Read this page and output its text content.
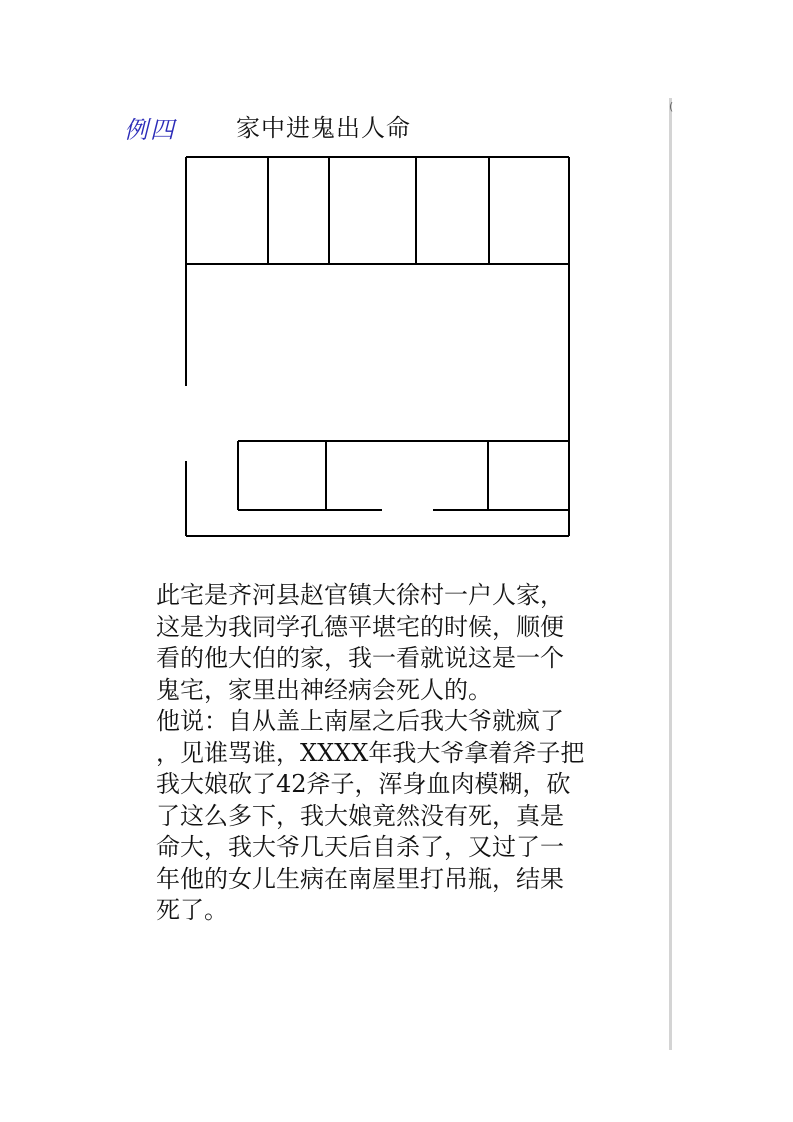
(
例四	家中进鬼出人命

此宅是齐河县赵官镇大徐村一户人家，
这是为我同学孔德平堪宅的时候，顺便
看的他大伯的家，我一看就说这是一个
鬼宅，家里出神经病会死人的。

他说：自从盖上南屋之后我大爷就疯了
，见谁骂谁，XXXX年我大爷拿着斧子把
我大娘砍了42斧子，浑身血肉模糊，砍
了这么多下，我大娘竟然没有死，真是
命大，我大爷几天后自杀了，又过了一
年他的女儿生病在南屋里打吊瓶，结果
死了。
